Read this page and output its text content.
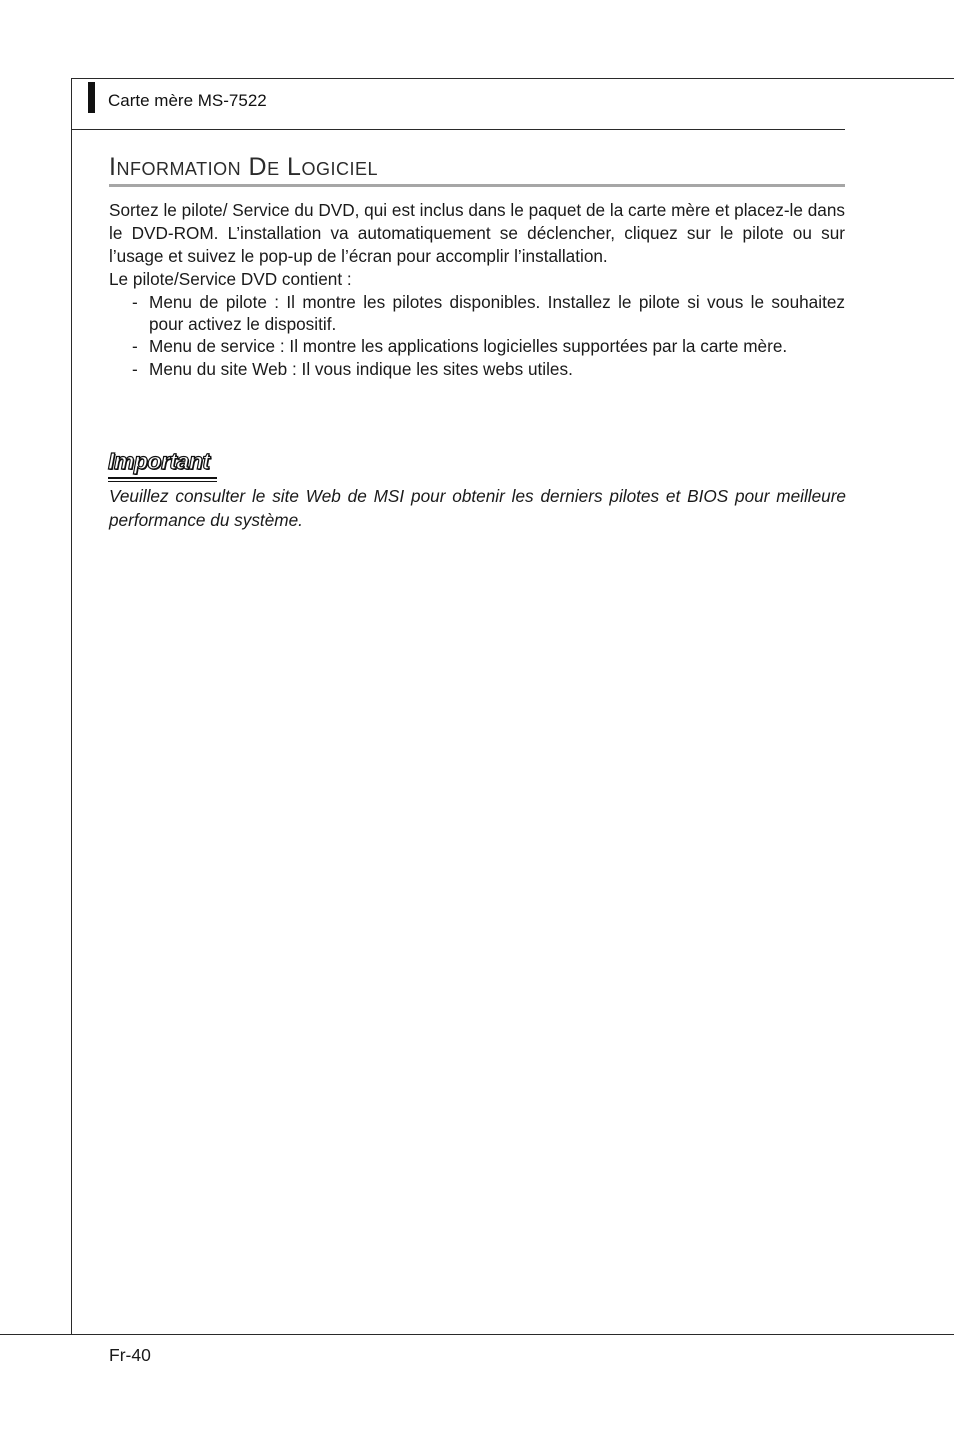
Carte mère MS-7522
Information De Logiciel

Sortez le pilote/ Service du DVD, qui est inclus dans le paquet de la carte mère et placez-le dans le DVD-ROM. L’installation va automatiquement se déclencher, cliquez sur le pilote ou sur l’usage et suivez le pop-up de l’écran pour accomplir l’installation.

Le pilote/Service DVD contient :

- Menu de pilote : Il montre les pilotes disponibles. Installez le pilote si vous le souhaitez pour activez le dispositif.
- Menu de service : Il montre les applications logicielles supportées par la carte mère.
- Menu du site Web : Il vous indique les sites webs utiles.
Important
Veuillez consulter le site Web de MSI pour obtenir les derniers pilotes et BIOS pour meilleure performance du système.
Fr-40
